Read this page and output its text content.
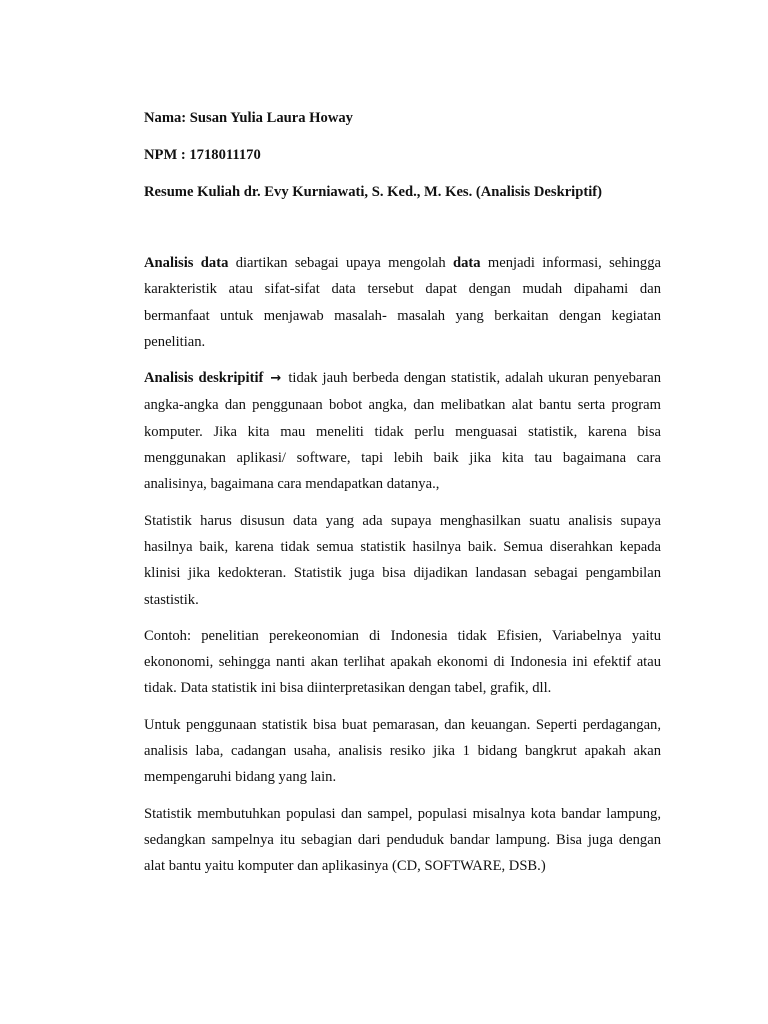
Nama: Susan Yulia Laura Howay

NPM : 1718011170

Resume Kuliah dr. Evy Kurniawati, S. Ked., M. Kes. (Analisis Deskriptif)

Analisis data diartikan sebagai upaya mengolah data menjadi informasi, sehingga
karakteristik atau sifat-sifat data tersebut dapat dengan mudah dipahami dan
bermanfaat untuk menjawab masalah- masalah yang berkaitan dengan kegiatan
penelitian.
Analisis deskripitif → tidak jauh berbeda dengan statistik, adalah ukuran penyebaran
angka-angka dan penggunaan bobot angka, dan melibatkan alat bantu serta program
komputer. Jika kita mau meneliti tidak perlu menguasai statistik, karena bisa
menggunakan aplikasi/ software, tapi lebih baik jika kita tau bagaimana cara
analisinya, bagaimana cara mendapatkan datanya.,
Statistik harus disusun data yang ada supaya menghasilkan suatu analisis supaya
hasilnya baik, karena tidak semua statistik hasilnya baik. Semua diserahkan kepada
klinisi jika kedokteran. Statistik juga bisa dijadikan landasan sebagai pengambilan
stastistik.
Contoh: penelitian perekeonomian di Indonesia tidak Efisien, Variabelnya yaitu
ekononomi, sehingga nanti akan terlihat apakah ekonomi di Indonesia ini efektif atau
tidak. Data statistik ini bisa diinterpretasikan dengan tabel, grafik, dll.
Untuk penggunaan statistik bisa buat pemarasan, dan keuangan. Seperti perdagangan,
analisis laba, cadangan usaha, analisis resiko jika 1 bidang bangkrut apakah akan
mempengaruhi bidang yang lain.
Statistik membutuhkan populasi dan sampel, populasi misalnya kota bandar lampung,
sedangkan sampelnya itu sebagian dari penduduk bandar lampung. Bisa juga dengan
alat bantu yaitu komputer dan aplikasinya (CD, SOFTWARE, DSB.)
